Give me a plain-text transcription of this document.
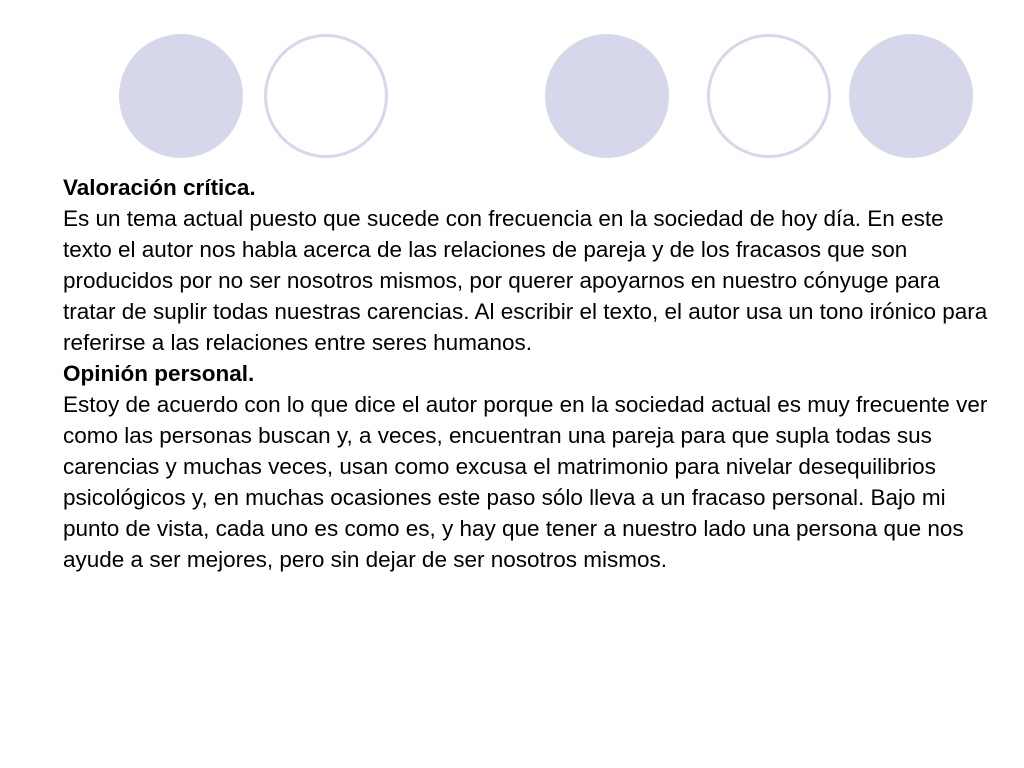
Valoración crítica.

Es un tema actual puesto que sucede con frecuencia en la sociedad de hoy día. En este texto el autor nos habla acerca de las relaciones de pareja y de los fracasos que son producidos por no ser nosotros mismos, por querer apoyarnos en nuestro cónyuge para tratar de suplir todas nuestras carencias. Al escribir el texto, el autor usa un tono irónico para referirse a las relaciones entre seres humanos.

Opinión personal.

Estoy de acuerdo con lo que dice el autor porque en la sociedad actual es muy frecuente ver como las personas buscan y, a veces, encuentran una pareja para que supla todas sus carencias y muchas veces, usan como excusa el matrimonio para nivelar desequilibrios psicológicos y, en muchas ocasiones este paso sólo lleva a un fracaso personal. Bajo mi punto de vista, cada uno es como es, y hay que tener a nuestro lado una persona que nos ayude a ser mejores, pero sin dejar de ser nosotros mismos.
